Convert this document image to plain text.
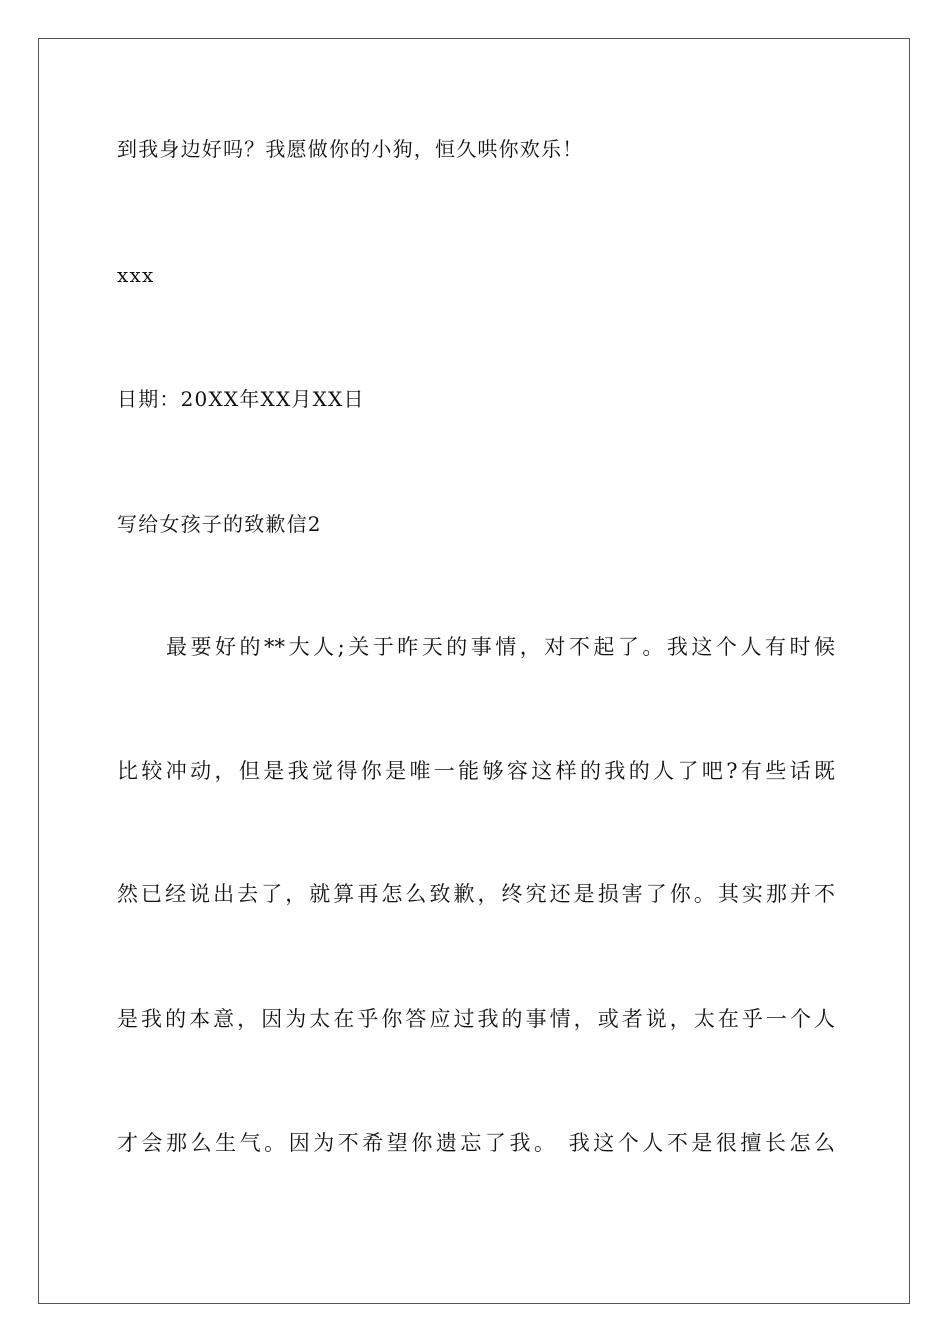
到我身边好吗？我愿做你的小狗，恒久哄你欢乐！
xxx
日期：20XX年XX月XX日
写给女孩子的致歉信2
最要好的**大人;关于昨天的事情，对不起了。我这个人有时候
比较冲动，但是我觉得你是唯一能够容这样的我的人了吧?有些话既
然已经说出去了，就算再怎么致歉，终究还是损害了你。其实那并不
是我的本意，因为太在乎你答应过我的事情，或者说，太在乎一个人
才会那么生气。因为不希望你遗忘了我。 我这个人不是很擅长怎么
